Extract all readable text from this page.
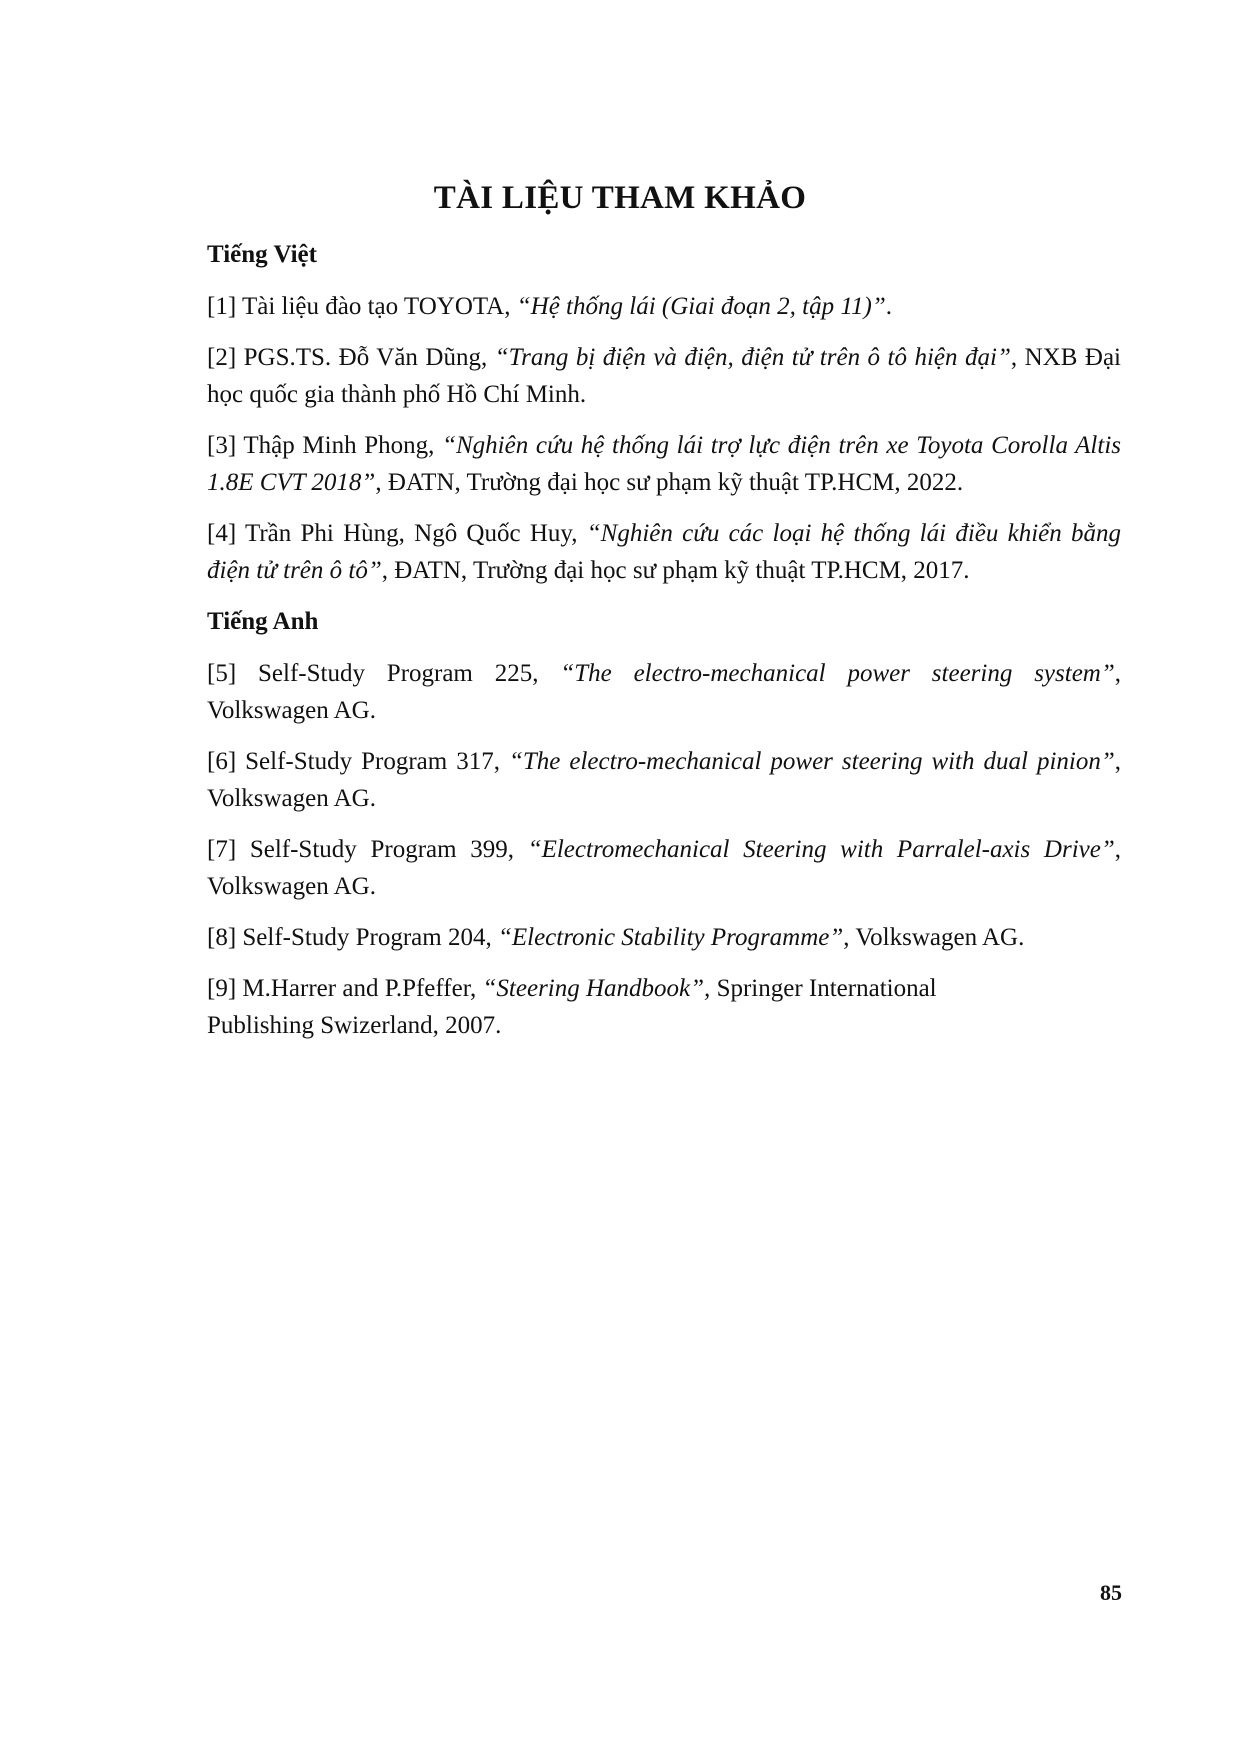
TÀI LIỆU THAM KHẢO
Tiếng Việt
[1] Tài liệu đào tạo TOYOTA, “Hệ thống lái (Giai đoạn 2, tập 11)”.
[2] PGS.TS. Đỗ Văn Dũng, “Trang bị điện và điện, điện tử trên ô tô hiện đại”, NXB Đại học quốc gia thành phố Hồ Chí Minh.
[3] Thập Minh Phong, “Nghiên cứu hệ thống lái trợ lực điện trên xe Toyota Corolla Altis 1.8E CVT 2018”, ĐATN, Trường đại học sư phạm kỹ thuật TP.HCM, 2022.
[4] Trần Phi Hùng, Ngô Quốc Huy, “Nghiên cứu các loại hệ thống lái điều khiển bằng điện tử trên ô tô”, ĐATN, Trường đại học sư phạm kỹ thuật TP.HCM, 2017.
Tiếng Anh
[5] Self-Study Program 225, “The electro-mechanical power steering system”, Volkswagen AG.
[6] Self-Study Program 317, “The electro-mechanical power steering with dual pinion”, Volkswagen AG.
[7] Self-Study Program 399, “Electromechanical Steering with Parralel-axis Drive”, Volkswagen AG.
[8] Self-Study Program 204, “Electronic Stability Programme”, Volkswagen AG.
[9] M.Harrer and P.Pfeffer, “Steering Handbook”, Springer International
Publishing Swizerland, 2007.
85
